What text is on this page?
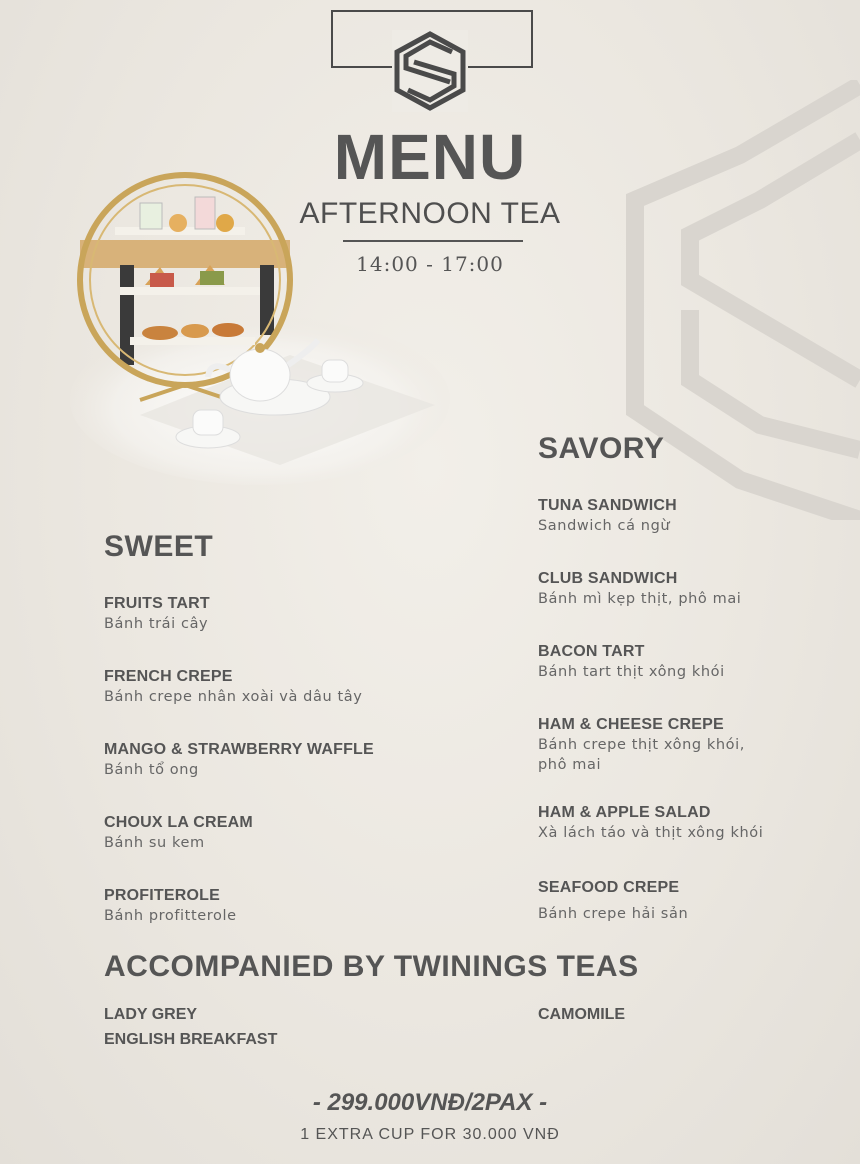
MENU
AFTERNOON TEA
14:00 - 17:00
SAVORY
TUNA SANDWICH
Sandwich cá ngừ
CLUB SANDWICH
Bánh mì kẹp thịt, phô mai
BACON TART
Bánh tart thịt xông khói
HAM & CHEESE CREPE
Bánh crepe thịt xông khói, phô mai
HAM & APPLE SALAD
Xà lách táo và thịt xông khói
SEAFOOD CREPE
Bánh crepe hải sản
SWEET
FRUITS TART
Bánh trái cây
FRENCH CREPE
Bánh crepe nhân xoài và dâu tây
MANGO & STRAWBERRY WAFFLE
Bánh tổ ong
CHOUX LA CREAM
Bánh su kem
PROFITEROLE
Bánh profitterole
ACCOMPANIED BY TWININGS TEAS
LADY GREY
ENGLISH BREAKFAST
CAMOMILE
- 299.000VNĐ/2PAX -
1 EXTRA CUP FOR 30.000 VNĐ
